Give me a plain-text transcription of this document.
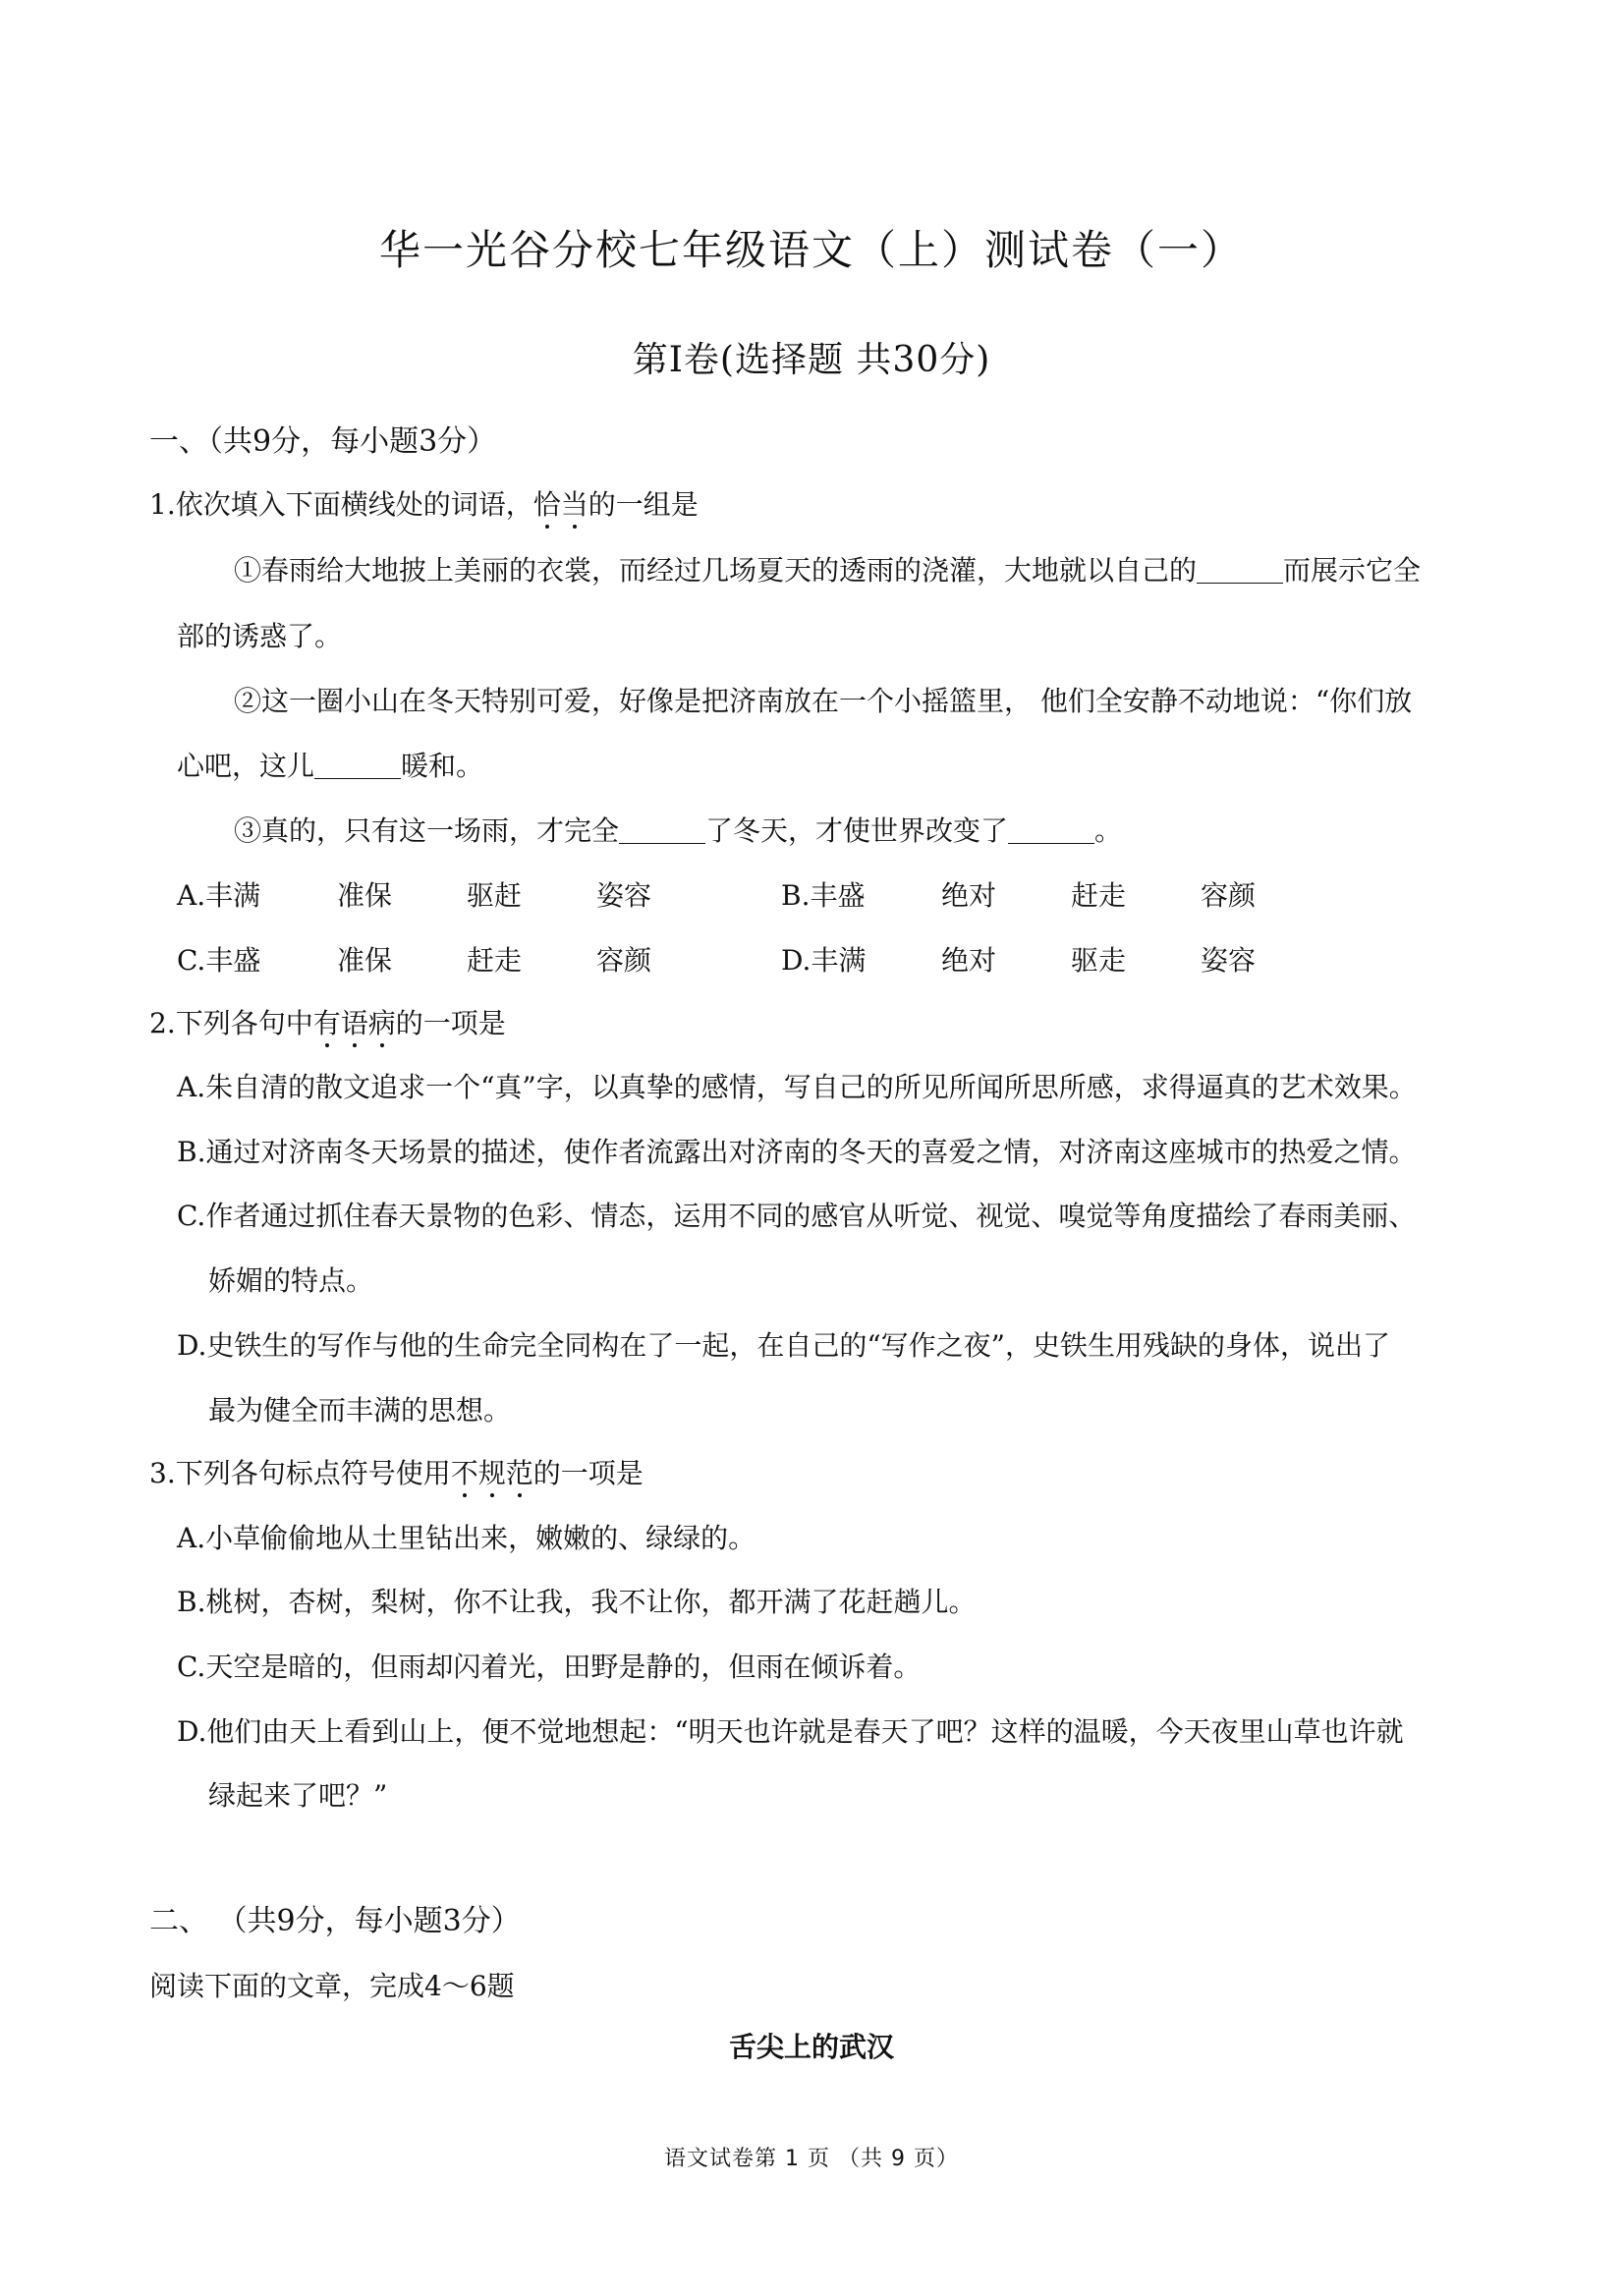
华一光谷分校七年级语文（上）测试卷（一）
第Ⅰ卷(选择题 共30分)
一、（共9分，每小题3分）
1.依次填入下面横线处的词语，恰当的一组是
①春雨给大地披上美丽的衣裳，而经过几场夏天的透雨的浇灌，大地就以自己的	而展示它全
部的诱惑了。
②这一圈小山在冬天特别可爱，好像是把济南放在一个小摇篮里， 他们全安静不动地说：“你们放
心吧，这儿	暖和。
③真的，只有这一场雨，才完全	了冬天，才使世界改变了	。
A.丰满	准保	驱赶	姿容	B.丰盛	绝对	赶走	容颜
C.丰盛	准保	赶走	容颜	D.丰满	绝对	驱走	姿容
2.下列各句中有语病的一项是
A.朱自清的散文追求一个“真”字，以真挚的感情，写自己的所见所闻所思所感，求得逼真的艺术效果。
B.通过对济南冬天场景的描述，使作者流露出对济南的冬天的喜爱之情，对济南这座城市的热爱之情。
C.作者通过抓住春天景物的色彩、情态，运用不同的感官从听觉、视觉、嗅觉等角度描绘了春雨美丽、
娇媚的特点。
D.史铁生的写作与他的生命完全同构在了一起，在自己的“写作之夜”，史铁生用残缺的身体，说出了
最为健全而丰满的思想。
3.下列各句标点符号使用不规范的一项是
A.小草偷偷地从土里钻出来，嫩嫩的、绿绿的。
B.桃树，杏树，梨树，你不让我，我不让你，都开满了花赶趟儿。
C.天空是暗的，但雨却闪着光，田野是静的，但雨在倾诉着。
D.他们由天上看到山上，便不觉地想起：“明天也许就是春天了吧？这样的温暖，今天夜里山草也许就
绿起来了吧？”
二、 （共9分，每小题3分）
阅读下面的文章，完成4～6题
舌尖上的武汉
语文试卷第 1 页 （共 9 页）
